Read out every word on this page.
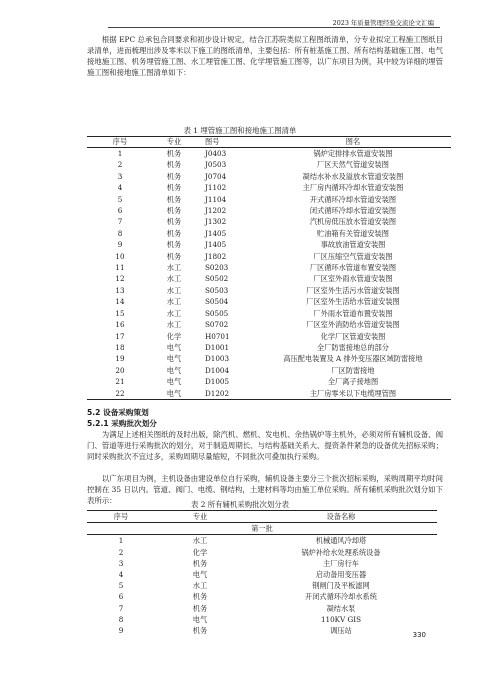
2023 年质量管理经验交流论文汇编

根据 EPC 总承包合同要求和初步设计规定，结合江苏院类似工程图纸清单，分专业拟定工程施工图纸目录清单，进而梳理出涉及零米以下施工的图纸清单，主要包括：所有桩基施工图、所有结构基础施工图、电气接地施工图、机务埋管施工图、水工埋管施工图、化学埋管施工图等，以广东项目为例，其中较为详细的埋管施工图和接地施工图清单如下：

表 1 埋管施工图和接地施工图清单
序号	专业	图号	图名
1	机务	J0403	锅炉定排排水管道安装图
2	机务	J0503	厂区天然气管道安装图
3	机务	J0704	凝结水补水及溢放水管道安装图
4	机务	J1102	主厂房内循环冷却水管道安装图
5	机务	J1104	开式循环冷却水管道安装图
6	机务	J1202	闭式循环冷却水管道安装图
7	机务	J1302	汽机房低压放水管道安装图
8	机务	J1405	贮油箱有关管道安装图
9	机务	J1405	事故放油管道安装图
10	机务	J1802	厂区压缩空气管道安装图
11	水工	S0203	厂区循环水管道布置安装图
12	水工	S0502	厂区室外雨水管道安装图
13	水工	S0503	厂区室外生活污水管道安装图
14	水工	S0504	厂区室外生活给水管道安装图
15	水工	S0505	厂外雨水管道布置安装图
16	水工	S0702	厂区室外消防给水管道安装图
17	化学	H0701	化学厂区管道安装图
18	电气	D1001	全厂防雷接地总的部分
19	电气	D1003	高压配电装置及 A 排外变压器区域防雷接地
20	电气	D1004	厂区防雷接地
21	电气	D1005	全厂离子接地图
22	电气	D1202	主厂房零米以下电缆埋管图
5.2 设备采购策划
5.2.1 采购批次划分

为满足上述相关图纸的及时出版，除汽机、燃机、发电机、余热锅炉等主机外，必须对所有辅机设备、阀门、管道等进行采购批次的划分，对于制造周期长、与结构基础关系大、提资条件紧急的设备优先招标采购；同时采购批次不宜过多，采购周期尽量缩短，不同批次可叠加执行采购。

以广东项目为例，主机设备由建设单位自行采购，辅机设备主要分三个批次招标采购，采购周期平均时间控制在 35 日以内。管道、阀门、电缆、钢结构，土建材料等均由施工单位采购。所有辅机采购批次划分如下表所示：	表 2 所有辅机采购批次划分表
序号	专业	设备名称
第一批		
1	水工	机械通风冷却塔
2	化学	锅炉补给水处理系统设备
3	机务	主厂房行车
4	电气	启动备用变压器
5	水工	钢闸门及平板滤网
6	机务	开闭式循环冷却水系统
7	机务	凝结水泵
8	电气	110KV GIS
9	机务	调压站	330
